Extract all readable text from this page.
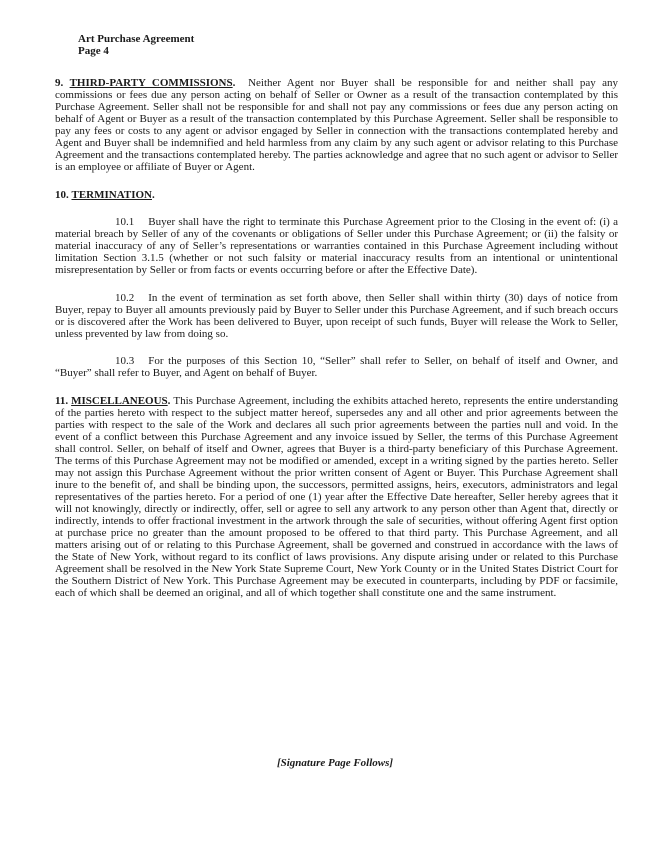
Art Purchase Agreement
Page 4

9. THIRD-PARTY COMMISSIONS. Neither Agent nor Buyer shall be responsible for and neither shall pay any commissions or fees due any person acting on behalf of Seller or Owner as a result of the transaction contemplated by this Purchase Agreement. Seller shall not be responsible for and shall not pay any commissions or fees due any person acting on behalf of Agent or Buyer as a result of the transaction contemplated by this Purchase Agreement. Seller shall be responsible to pay any fees or costs to any agent or advisor engaged by Seller in connection with the transactions contemplated hereby and Agent and Buyer shall be indemnified and held harmless from any claim by any such agent or advisor relating to this Purchase Agreement and the transactions contemplated hereby. The parties acknowledge and agree that no such agent or advisor to Seller is an employee or affiliate of Buyer or Agent.

10. TERMINATION.

10.1 Buyer shall have the right to terminate this Purchase Agreement prior to the Closing in the event of: (i) a material breach by Seller of any of the covenants or obligations of Seller under this Purchase Agreement; or (ii) the falsity or material inaccuracy of any of Seller’s representations or warranties contained in this Purchase Agreement including without limitation Section 3.1.5 (whether or not such falsity or material inaccuracy results from an intentional or unintentional misrepresentation by Seller or from facts or events occurring before or after the Effective Date).

10.2 In the event of termination as set forth above, then Seller shall within thirty (30) days of notice from Buyer, repay to Buyer all amounts previously paid by Buyer to Seller under this Purchase Agreement, and if such breach occurs or is discovered after the Work has been delivered to Buyer, upon receipt of such funds, Buyer will release the Work to Seller, unless prevented by law from doing so.

10.3 For the purposes of this Section 10, “Seller” shall refer to Seller, on behalf of itself and Owner, and “Buyer” shall refer to Buyer, and Agent on behalf of Buyer.

11. MISCELLANEOUS. This Purchase Agreement, including the exhibits attached hereto, represents the entire understanding of the parties hereto with respect to the subject matter hereof, supersedes any and all other and prior agreements between the parties with respect to the sale of the Work and declares all such prior agreements between the parties null and void. In the event of a conflict between this Purchase Agreement and any invoice issued by Seller, the terms of this Purchase Agreement shall control. Seller, on behalf of itself and Owner, agrees that Buyer is a third-party beneficiary of this Purchase Agreement. The terms of this Purchase Agreement may not be modified or amended, except in a writing signed by the parties hereto. Seller may not assign this Purchase Agreement without the prior written consent of Agent or Buyer. This Purchase Agreement shall inure to the benefit of, and shall be binding upon, the successors, permitted assigns, heirs, executors, administrators and legal representatives of the parties hereto. For a period of one (1) year after the Effective Date hereafter, Seller hereby agrees that it will not knowingly, directly or indirectly, offer, sell or agree to sell any artwork to any person other than Agent that, directly or indirectly, intends to offer fractional investment in the artwork through the sale of securities, without offering Agent first option at purchase price no greater than the amount proposed to be offered to that third party. This Purchase Agreement, and all matters arising out of or relating to this Purchase Agreement, shall be governed and construed in accordance with the laws of the State of New York, without regard to its conflict of laws provisions. Any dispute arising under or related to this Purchase Agreement shall be resolved in the New York State Supreme Court, New York County or in the United States District Court for the Southern District of New York. This Purchase Agreement may be executed in counterparts, including by PDF or facsimile, each of which shall be deemed an original, and all of which together shall constitute one and the same instrument.

[Signature Page Follows]
